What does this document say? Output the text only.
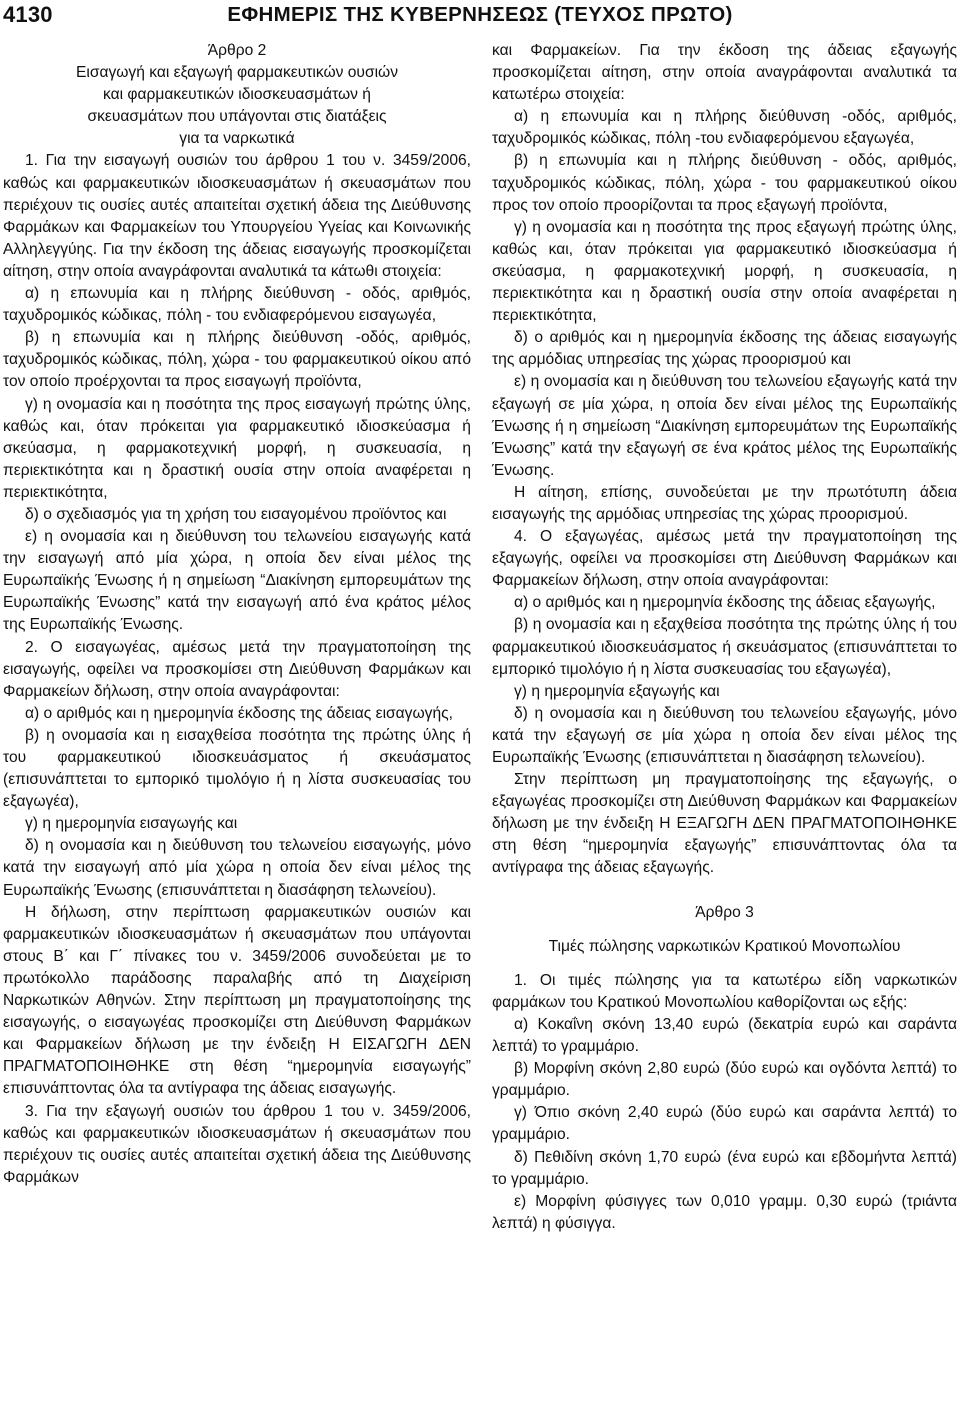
4130	ΕΦΗΜΕΡΙΣ ΤΗΣ ΚΥΒΕΡΝΗΣΕΩΣ (ΤΕΥΧΟΣ ΠΡΩΤΟ)

Άρθρο 2

Εισαγωγή και εξαγωγή φαρμακευτικών ουσιών

και φαρμακευτικών ιδιοσκευασμάτων ή

σκευασμάτων που υπάγονται στις διατάξεις

για τα ναρκωτικά

1. Για την εισαγωγή ουσιών του άρθρου 1 του ν. 3459/2006, καθώς και φαρμακευτικών ιδιοσκευασμάτων ή σκευασμάτων που περιέχουν τις ουσίες αυτές απαιτείται σχετική άδεια της Διεύθυνσης Φαρμάκων και Φαρμακείων του Υπουργείου Υγείας και Κοινωνικής Αλληλεγγύης. Για την έκδοση της άδειας εισαγωγής προσκομίζεται αίτηση, στην οποία αναγράφονται αναλυτικά τα κάτωθι στοιχεία:

α) η επωνυμία και η πλήρης διεύθυνση - οδός, αριθμός, ταχυδρομικός κώδικας, πόλη - του ενδιαφερόμενου εισαγωγέα,

β) η επωνυμία και η πλήρης διεύθυνση -οδός, αριθμός, ταχυδρομικός κώδικας, πόλη, χώρα - του φαρμακευτικού οίκου από τον οποίο προέρχονται τα προς εισαγωγή προϊόντα,

γ) η ονομασία και η ποσότητα της προς εισαγωγή πρώτης ύλης, καθώς και, όταν πρόκειται για φαρμακευτικό ιδιοσκεύασμα ή σκεύασμα, η φαρμακοτεχνική μορφή, η συσκευασία, η περιεκτικότητα και η δραστική ουσία στην οποία αναφέρεται η περιεκτικότητα,

δ) ο σχεδιασμός για τη χρήση του εισαγομένου προϊόντος και

ε) η ονομασία και η διεύθυνση του τελωνείου εισαγωγής κατά την εισαγωγή από μία χώρα, η οποία δεν είναι μέλος της Ευρωπαϊκής Ένωσης ή η σημείωση “Διακίνηση εμπορευμάτων της Ευρωπαϊκής Ένωσης” κατά την εισαγωγή από ένα κράτος μέλος της Ευρωπαϊκής Ένωσης.

2. Ο εισαγωγέας, αμέσως μετά την πραγματοποίηση της εισαγωγής, οφείλει να προσκομίσει στη Διεύθυνση Φαρμάκων και Φαρμακείων δήλωση, στην οποία αναγράφονται:

α) ο αριθμός και η ημερομηνία έκδοσης της άδειας εισαγωγής,

β) η ονομασία και η εισαχθείσα ποσότητα της πρώτης ύλης ή του φαρμακευτικού ιδιοσκευάσματος ή σκευάσματος (επισυνάπτεται το εμπορικό τιμολόγιο ή η λίστα συσκευασίας του εξαγωγέα),

γ) η ημερομηνία εισαγωγής και

δ) η ονομασία και η διεύθυνση του τελωνείου εισαγωγής, μόνο κατά την εισαγωγή από μία χώρα η οποία δεν είναι μέλος της Ευρωπαϊκής Ένωσης (επισυνάπτεται η διασάφηση τελωνείου).

Η δήλωση, στην περίπτωση φαρμακευτικών ουσιών και φαρμακευτικών ιδιοσκευασμάτων ή σκευασμάτων που υπάγονται στους Β΄ και Γ΄ πίνακες του ν. 3459/2006 συνοδεύεται με το πρωτόκολλο παράδοσης παραλαβής από τη Διαχείριση Ναρκωτικών Αθηνών. Στην περίπτωση μη πραγματοποίησης της εισαγωγής, ο εισαγωγέας προσκομίζει στη Διεύθυνση Φαρμάκων και Φαρμακείων δήλωση με την ένδειξη Η ΕΙΣΑΓΩΓΗ ΔΕΝ ΠΡΑΓΜΑΤΟΠΟΙΗΘΗΚΕ στη θέση “ημερομηνία εισαγωγής” επισυνάπτοντας όλα τα αντίγραφα της άδειας εισαγωγής.

3. Για την εξαγωγή ουσιών του άρθρου 1 του ν. 3459/2006, καθώς και φαρμακευτικών ιδιοσκευασμάτων ή σκευασμάτων που περιέχουν τις ουσίες αυτές απαιτείται σχετική άδεια της Διεύθυνσης Φαρμάκων

και Φαρμακείων. Για την έκδοση της άδειας εξαγωγής προσκομίζεται αίτηση, στην οποία αναγράφονται αναλυτικά τα κατωτέρω στοιχεία:

α) η επωνυμία και η πλήρης διεύθυνση -οδός, αριθμός, ταχυδρομικός κώδικας, πόλη -του ενδιαφερόμενου εξαγωγέα,

β) η επωνυμία και η πλήρης διεύθυνση - οδός, αριθμός, ταχυδρομικός κώδικας, πόλη, χώρα - του φαρμακευτικού οίκου προς τον οποίο προορίζονται τα προς εξαγωγή προϊόντα,

γ) η ονομασία και η ποσότητα της προς εξαγωγή πρώτης ύλης, καθώς και, όταν πρόκειται για φαρμακευτικό ιδιοσκεύασμα ή σκεύασμα, η φαρμακοτεχνική μορφή, η συσκευασία, η περιεκτικότητα και η δραστική ουσία στην οποία αναφέρεται η περιεκτικότητα,

δ) ο αριθμός και η ημερομηνία έκδοσης της άδειας εισαγωγής της αρμόδιας υπηρεσίας της χώρας προορισμού και

ε) η ονομασία και η διεύθυνση του τελωνείου εξαγωγής κατά την εξαγωγή σε μία χώρα, η οποία δεν είναι μέλος της Ευρωπαϊκής Ένωσης ή η σημείωση “Διακίνηση εμπορευμάτων της Ευρωπαϊκής Ένωσης” κατά την εξαγωγή σε ένα κράτος μέλος της Ευρωπαϊκής Ένωσης.

Η αίτηση, επίσης, συνοδεύεται με την πρωτότυπη άδεια εισαγωγής της αρμόδιας υπηρεσίας της χώρας προορισμού.

4. Ο εξαγωγέας, αμέσως μετά την πραγματοποίηση της εξαγωγής, οφείλει να προσκομίσει στη Διεύθυνση Φαρμάκων και Φαρμακείων δήλωση, στην οποία αναγράφονται:

α) ο αριθμός και η ημερομηνία έκδοσης της άδειας εξαγωγής,

β) η ονομασία και η εξαχθείσα ποσότητα της πρώτης ύλης ή του φαρμακευτικού ιδιοσκευάσματος ή σκευάσματος (επισυνάπτεται το εμπορικό τιμολόγιο ή η λίστα συσκευασίας του εξαγωγέα),

γ) η ημερομηνία εξαγωγής και

δ) η ονομασία και η διεύθυνση του τελωνείου εξαγωγής, μόνο κατά την εξαγωγή σε μία χώρα η οποία δεν είναι μέλος της Ευρωπαϊκής Ένωσης (επισυνάπτεται η διασάφηση τελωνείου).

Στην περίπτωση μη πραγματοποίησης της εξαγωγής, ο εξαγωγέας προσκομίζει στη Διεύθυνση Φαρμάκων και Φαρμακείων δήλωση με την ένδειξη Η ΕΞΑΓΩΓΗ ΔΕΝ ΠΡΑΓΜΑΤΟΠΟΙΗΘΗΚΕ στη θέση “ημερομηνία εξαγωγής” επισυνάπτοντας όλα τα αντίγραφα της άδειας εξαγωγής.

Άρθρο 3

Τιμές πώλησης ναρκωτικών Κρατικού Μονοπωλίου

1. Οι τιμές πώλησης για τα κατωτέρω είδη ναρκωτικών φαρμάκων του Κρατικού Μονοπωλίου καθορίζονται ως εξής:

α) Κοκαΐνη σκόνη 13,40 ευρώ (δεκατρία ευρώ και σαράντα λεπτά) το γραμμάριο.

β) Μορφίνη σκόνη 2,80 ευρώ (δύο ευρώ και ογδόντα λεπτά) το γραμμάριο.

γ) Όπιο σκόνη 2,40 ευρώ (δύο ευρώ και σαράντα λεπτά) το γραμμάριο.

δ) Πεθιδίνη σκόνη 1,70 ευρώ (ένα ευρώ και εβδομήντα λεπτά) το γραμμάριο.

ε) Μορφίνη φύσιγγες των 0,010 γραμμ. 0,30 ευρώ (τριάντα λεπτά) η φύσιγγα.
